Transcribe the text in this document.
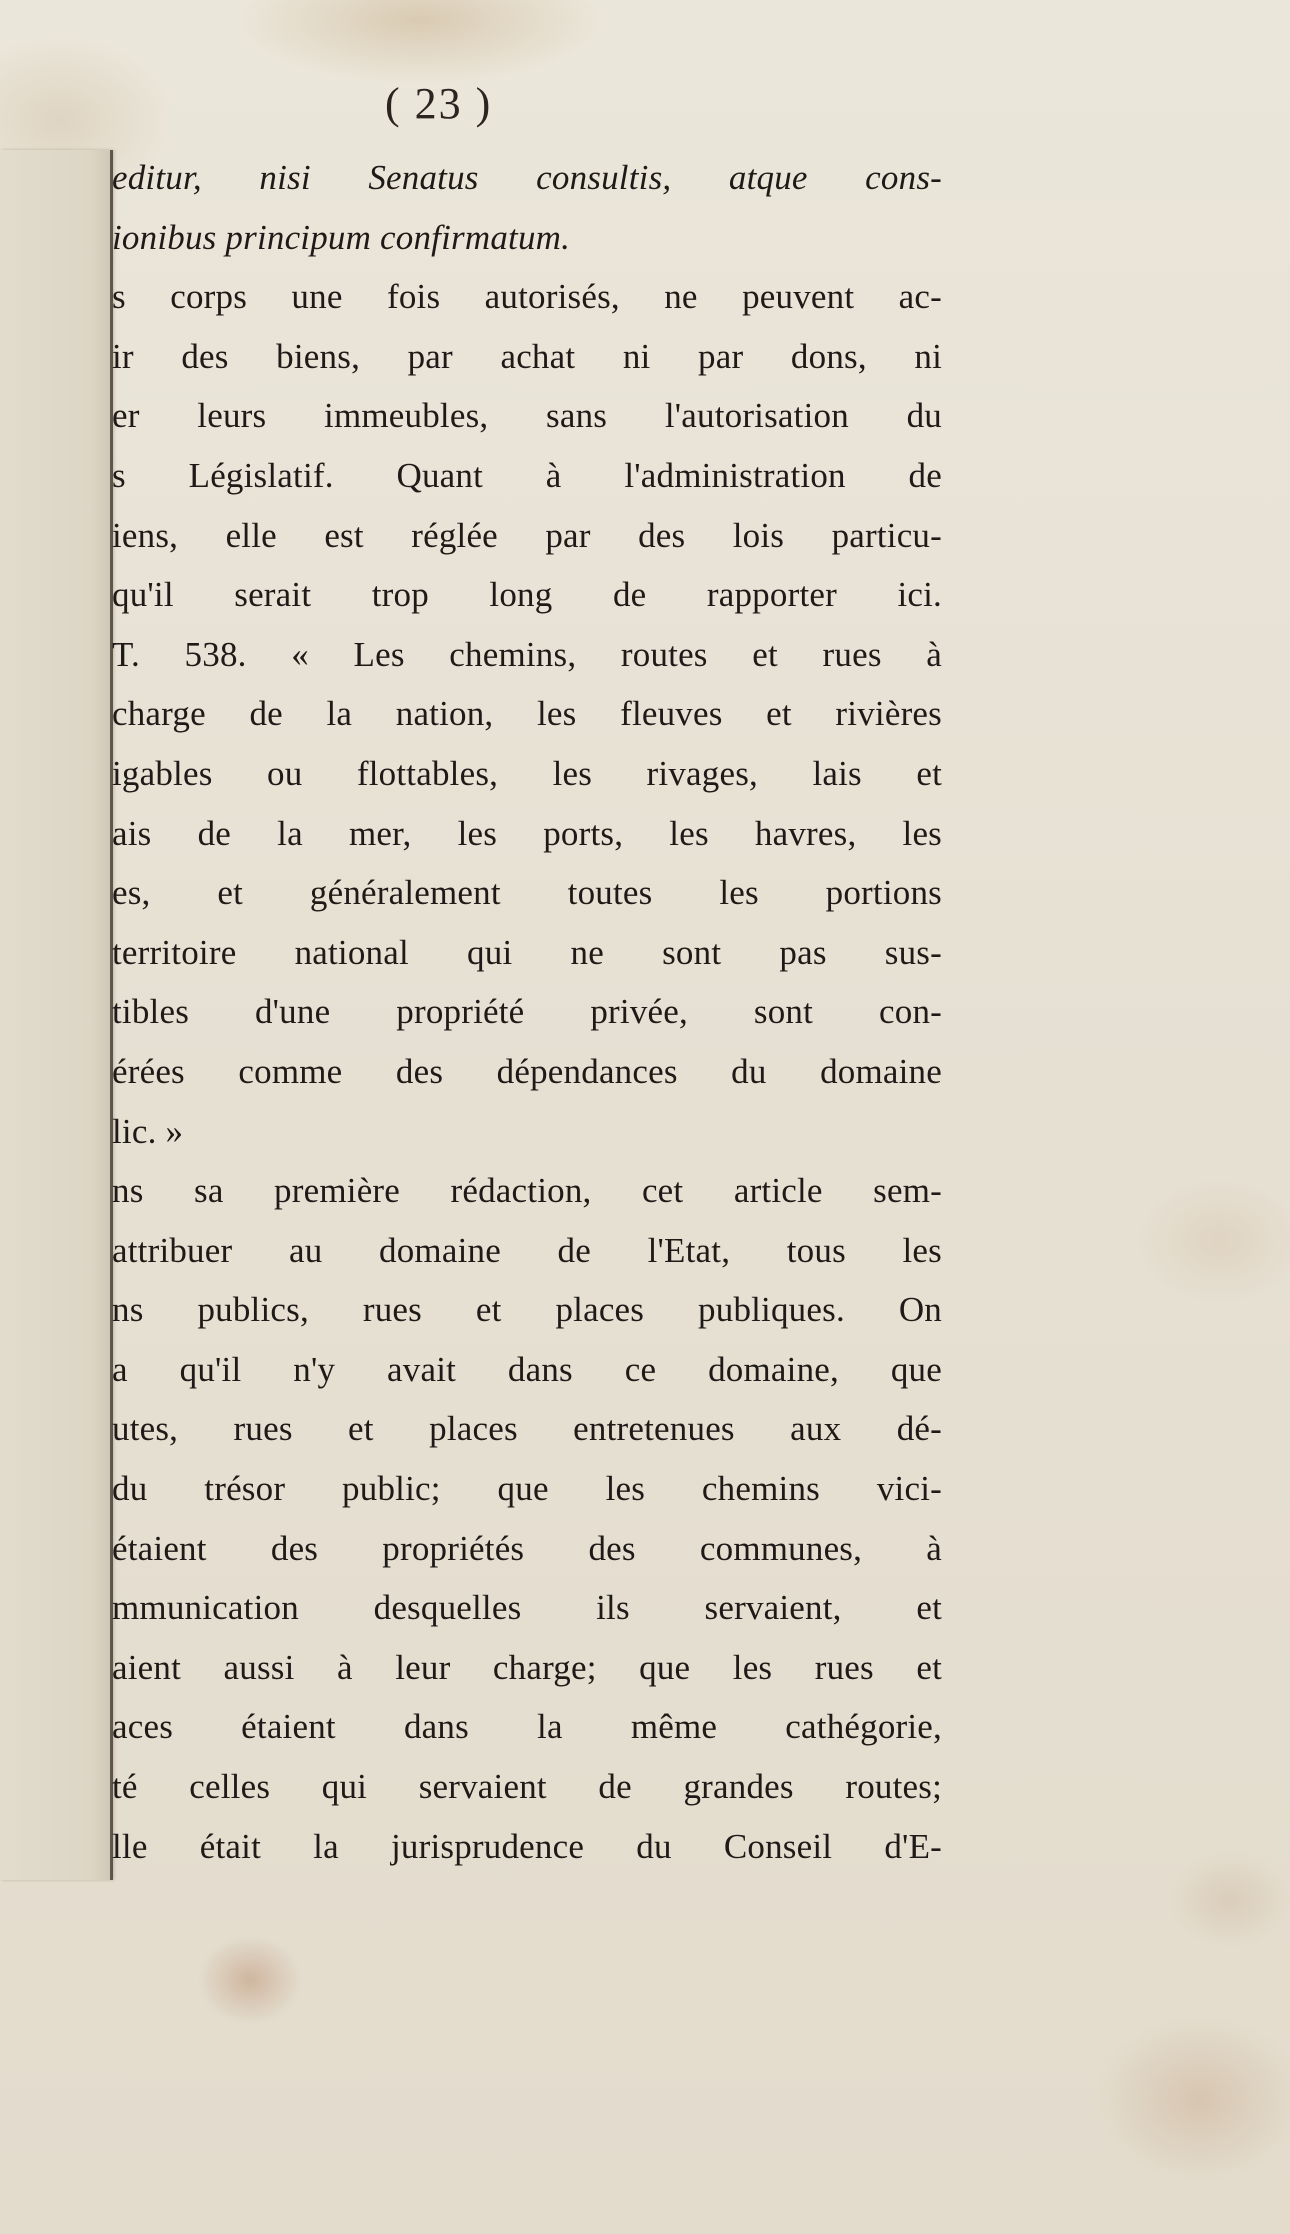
( 23 )
editur, nisi Senatus consultis, atque cons-
ionibus principum confirmatum.
s corps une fois autorisés, ne peuvent ac-
ir des biens, par achat ni par dons, ni
er leurs immeubles, sans l'autorisation du
s Législatif. Quant à l'administration de
iens, elle est réglée par des lois particu-
qu'il serait trop long de rapporter ici.
T. 538. « Les chemins, routes et rues à
charge de la nation, les fleuves et rivières
igables ou flottables, les rivages, lais et
ais de la mer, les ports, les havres, les
es, et généralement toutes les portions
territoire national qui ne sont pas sus-
tibles d'une propriété privée, sont con-
érées comme des dépendances du domaine
lic. »
ns sa première rédaction, cet article sem-
attribuer au domaine de l'Etat, tous les
ns publics, rues et places publiques. On
a qu'il n'y avait dans ce domaine, que
utes, rues et places entretenues aux dé-
du trésor public; que les chemins vici-
étaient des propriétés des communes, à
mmunication desquelles ils servaient, et
aient aussi à leur charge; que les rues et
aces étaient dans la même cathégorie,
té celles qui servaient de grandes routes;
lle était la jurisprudence du Conseil d'E-
